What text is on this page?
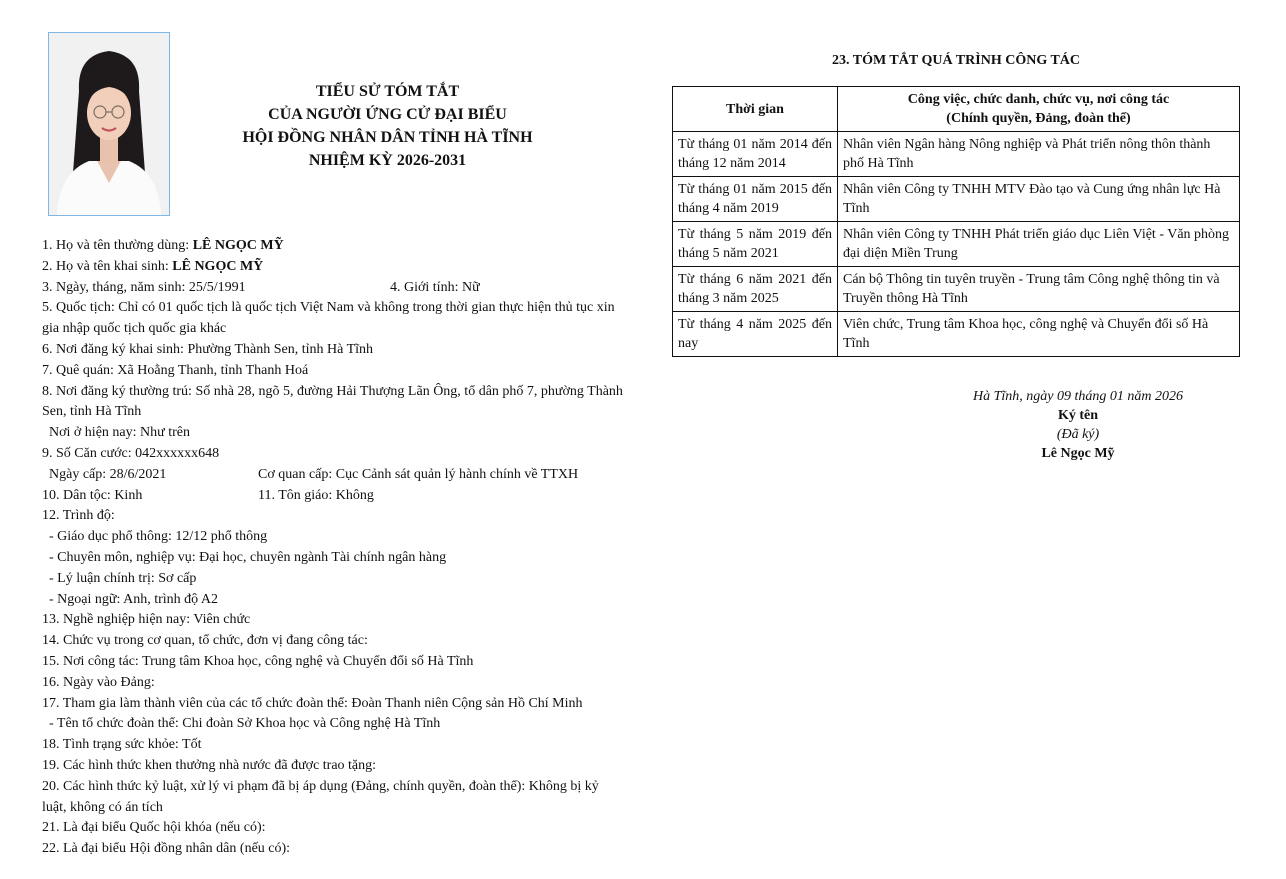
TIỂU SỬ TÓM TẮT
CỦA NGƯỜI ỨNG CỬ ĐẠI BIỂU
HỘI ĐỒNG NHÂN DÂN TỈNH HÀ TĨNH
NHIỆM KỲ 2026-2031

1. Họ và tên thường dùng: LÊ NGỌC MỸ

2. Họ và tên khai sinh: LÊ NGỌC MỸ

3. Ngày, tháng, năm sinh: 25/5/1991	4. Giới tính: Nữ

5. Quốc tịch: Chỉ có 01 quốc tịch là quốc tịch Việt Nam và không trong thời gian thực hiện thủ tục xin gia nhập quốc tịch quốc gia khác

6. Nơi đăng ký khai sinh: Phường Thành Sen, tỉnh Hà Tĩnh

7. Quê quán: Xã Hoằng Thanh, tỉnh Thanh Hoá

8. Nơi đăng ký thường trú: Số nhà 28, ngõ 5, đường Hải Thượng Lãn Ông, tổ dân phố 7, phường Thành Sen, tỉnh Hà Tĩnh

Nơi ở hiện nay: Như trên

9. Số Căn cước: 042xxxxxx648

Ngày cấp: 28/6/2021	Cơ quan cấp: Cục Cảnh sát quản lý hành chính về TTXH

10. Dân tộc: Kinh	11. Tôn giáo: Không

12. Trình độ:

- Giáo dục phổ thông: 12/12 phổ thông

- Chuyên môn, nghiệp vụ: Đại học, chuyên ngành Tài chính ngân hàng

- Lý luận chính trị: Sơ cấp

- Ngoại ngữ: Anh, trình độ A2

13. Nghề nghiệp hiện nay: Viên chức

14. Chức vụ trong cơ quan, tổ chức, đơn vị đang công tác:

15. Nơi công tác: Trung tâm Khoa học, công nghệ và Chuyển đổi số Hà Tĩnh

16. Ngày vào Đảng:

17. Tham gia làm thành viên của các tổ chức đoàn thể: Đoàn Thanh niên Cộng sản Hồ Chí Minh

- Tên tổ chức đoàn thể: Chi đoàn Sở Khoa học và Công nghệ Hà Tĩnh

18. Tình trạng sức khỏe: Tốt

19. Các hình thức khen thưởng nhà nước đã được trao tặng:

20. Các hình thức kỷ luật, xử lý vi phạm đã bị áp dụng (Đảng, chính quyền, đoàn thể): Không bị kỷ luật, không có án tích

21. Là đại biểu Quốc hội khóa (nếu có):

22. Là đại biểu Hội đồng nhân dân (nếu có):

23. TÓM TẮT QUÁ TRÌNH CÔNG TÁC
Thời gian	Công việc, chức danh, chức vụ, nơi công tác
(Chính quyền, Đảng, đoàn thể)

Từ tháng 01 năm 2014 đến tháng 12 năm 2014	Nhân viên Ngân hàng Nông nghiệp và Phát triển nông thôn thành phố Hà Tĩnh
Từ tháng 01 năm 2015 đến tháng 4 năm 2019	Nhân viên Công ty TNHH MTV Đào tạo và Cung ứng nhân lực Hà Tĩnh
Từ tháng 5 năm 2019 đến tháng 5 năm 2021	Nhân viên Công ty TNHH Phát triển giáo dục Liên Việt - Văn phòng đại diện Miền Trung
Từ tháng 6 năm 2021 đến tháng 3 năm 2025	Cán bộ Thông tin tuyên truyền - Trung tâm Công nghệ thông tin và Truyền thông Hà Tĩnh
Từ tháng 4 năm 2025 đến nay	Viên chức, Trung tâm Khoa học, công nghệ và Chuyển đổi số Hà Tĩnh
Hà Tĩnh, ngày 09 tháng 01 năm 2026
Ký tên
(Đã ký)
Lê Ngọc Mỹ
